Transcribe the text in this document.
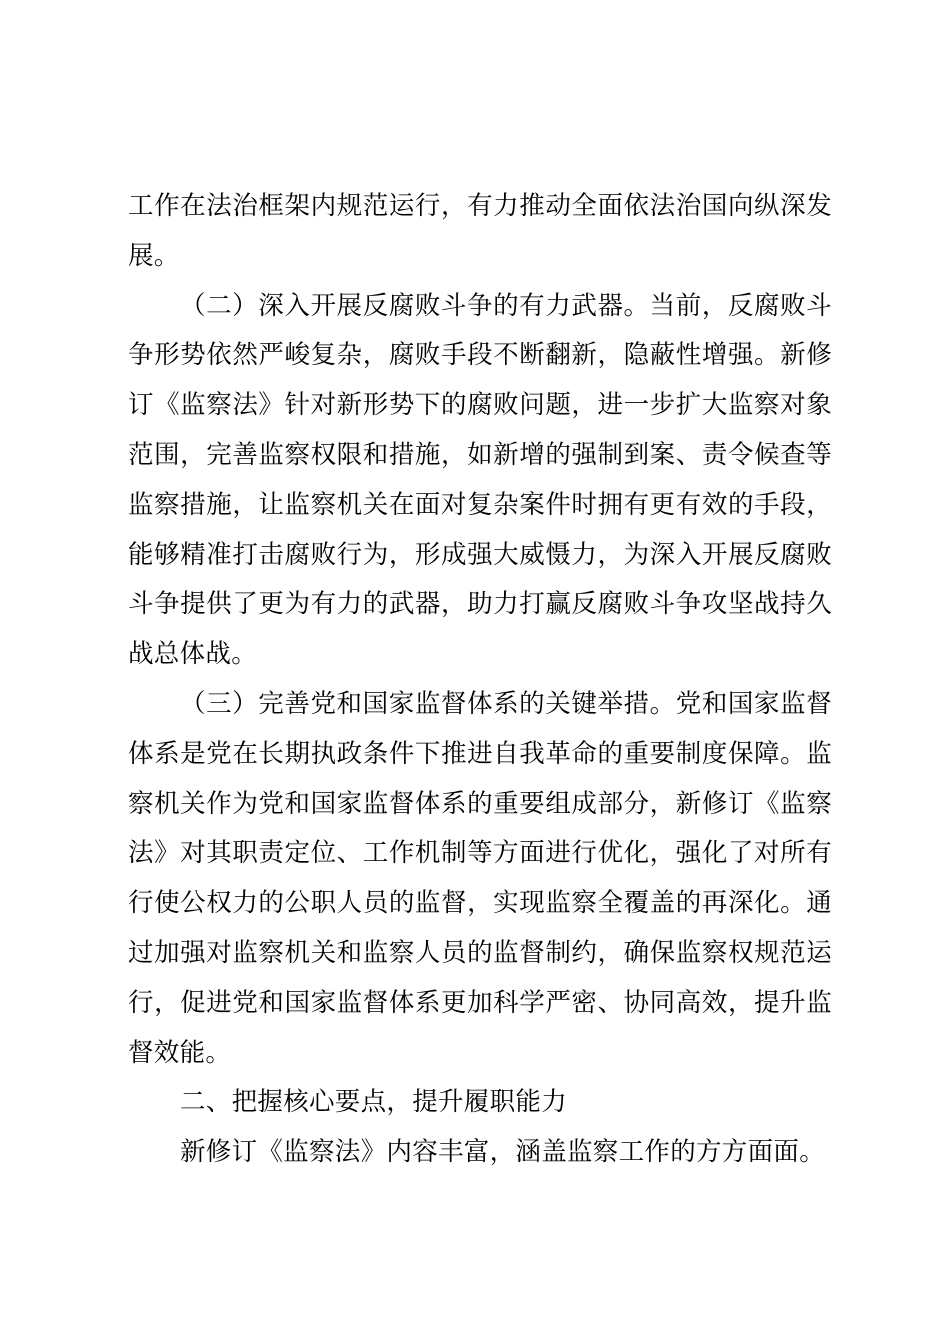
工作在法治框架内规范运行，有力推动全面依法治国向纵深发展。

（二）深入开展反腐败斗争的有力武器。当前，反腐败斗争形势依然严峻复杂，腐败手段不断翻新，隐蔽性增强。新修订《监察法》针对新形势下的腐败问题，进一步扩大监察对象范围，完善监察权限和措施，如新增的强制到案、责令候查等监察措施，让监察机关在面对复杂案件时拥有更有效的手段，能够精准打击腐败行为，形成强大威慑力，为深入开展反腐败斗争提供了更为有力的武器，助力打赢反腐败斗争攻坚战持久战总体战。

（三）完善党和国家监督体系的关键举措。党和国家监督体系是党在长期执政条件下推进自我革命的重要制度保障。监察机关作为党和国家监督体系的重要组成部分，新修订《监察法》对其职责定位、工作机制等方面进行优化，强化了对所有行使公权力的公职人员的监督，实现监察全覆盖的再深化。通过加强对监察机关和监察人员的监督制约，确保监察权规范运行，促进党和国家监督体系更加科学严密、协同高效，提升监督效能。

二、把握核心要点，提升履职能力

新修订《监察法》内容丰富，涵盖监察工作的方方面面。
